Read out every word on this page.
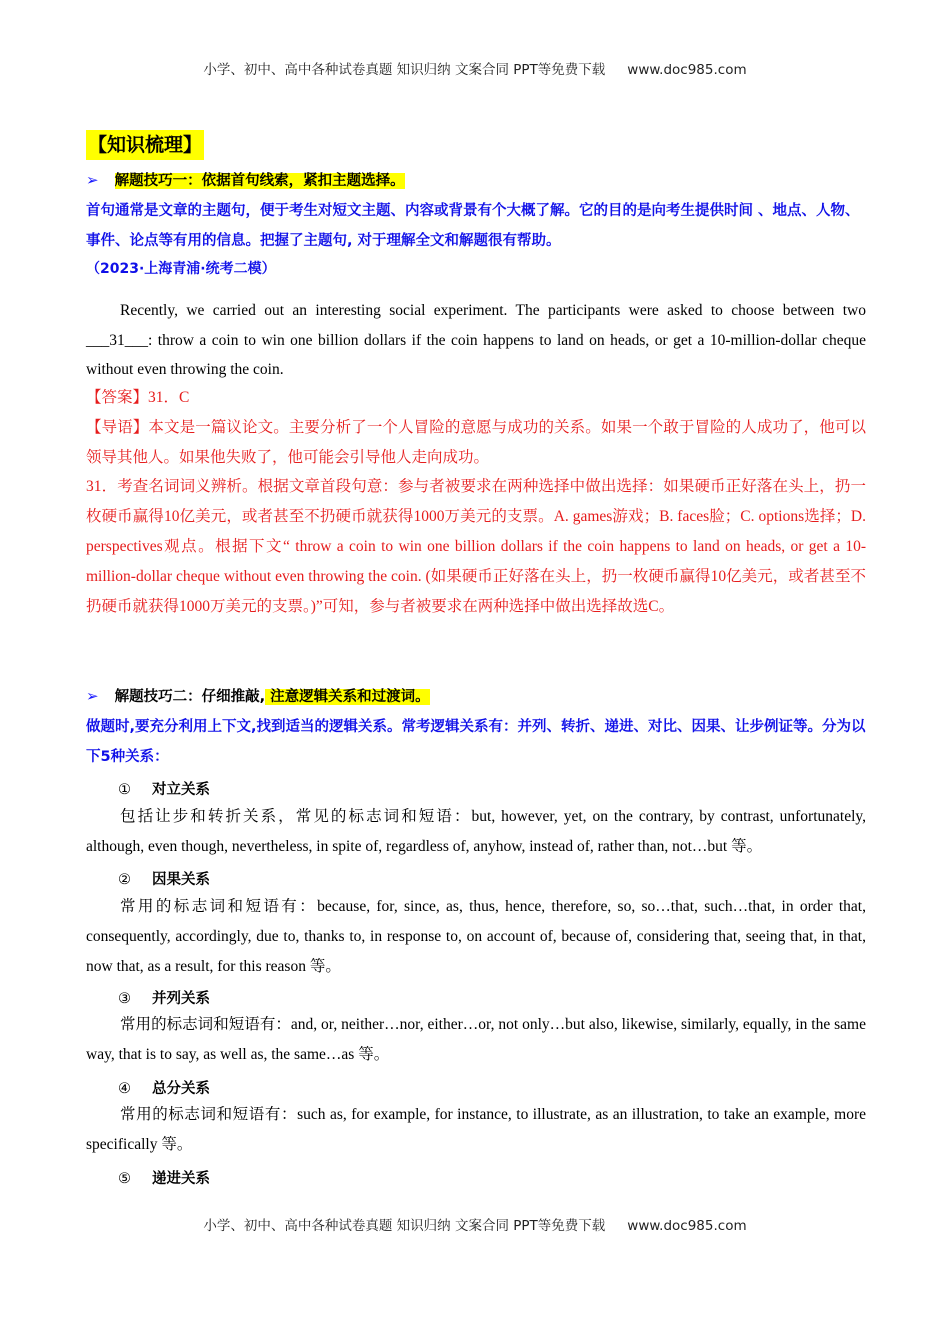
小学、初中、高中各种试卷真题 知识归纳 文案合同 PPT等免费下载 www.doc985.com
【知识梳理】
➢ 解题技巧一：依据首句线索，紧扣主题选择。
首句通常是文章的主题句，便于考生对短文主题、内容或背景有个大概了解。它的目的是向考生提供时间 、地点、人物、事件、论点等有用的信息。把握了主题句, 对于理解全文和解题很有帮助。
（2023·上海青浦·统考二模）
Recently, we carried out an interesting social experiment. The participants were asked to choose between two ___31___: throw a coin to win one billion dollars if the coin happens to land on heads, or get a 10-million-dollar cheque without even throwing the coin.
【答案】31．C
【导语】本文是一篇议论文。主要分析了一个人冒险的意愿与成功的关系。如果一个敢于冒险的人成功了，他可以领导其他人。如果他失败了，他可能会引导他人走向成功。
31．考查名词词义辨析。根据文章首段句意：参与者被要求在两种选择中做出选择：如果硬币正好落在头上，扔一枚硬币赢得10亿美元，或者甚至不扔硬币就获得1000万美元的支票。A. games游戏；B. faces脸；C. options选择；D. perspectives观点。根据下文“ throw a coin to win one billion dollars if the coin happens to land on heads, or get a 10-million-dollar cheque without even throwing the coin. (如果硬币正好落在头上，扔一枚硬币赢得10亿美元，或者甚至不扔硬币就获得1000万美元的支票。)”可知，参与者被要求在两种选择中做出选择故选C。
➢ 解题技巧二：仔细推敲, 注意逻辑关系和过渡词。
做题时,要充分利用上下文,找到适当的逻辑关系。常考逻辑关系有：并列、转折、递进、对比、因果、让步例证等。分为以下5种关系：
① 对立关系
包括让步和转折关系，常见的标志词和短语：but, however, yet, on the contrary, by contrast, unfortunately, although, even though, nevertheless, in spite of, regardless of, anyhow, instead of, rather than, not…but 等。
② 因果关系
常用的标志词和短语有：because, for, since, as, thus, hence, therefore, so, so…that, such…that, in order that, consequently, accordingly, due to, thanks to, in response to, on account of, because of, considering that, seeing that, in that, now that, as a result, for this reason 等。
③ 并列关系
常用的标志词和短语有：and, or, neither…nor, either…or, not only…but also, likewise, similarly, equally, in the same way, that is to say, as well as, the same…as 等。
④ 总分关系
常用的标志词和短语有：such as, for example, for instance, to illustrate, as an illustration, to take an example, more specifically 等。
⑤ 递进关系
小学、初中、高中各种试卷真题 知识归纳 文案合同 PPT等免费下载 www.doc985.com
